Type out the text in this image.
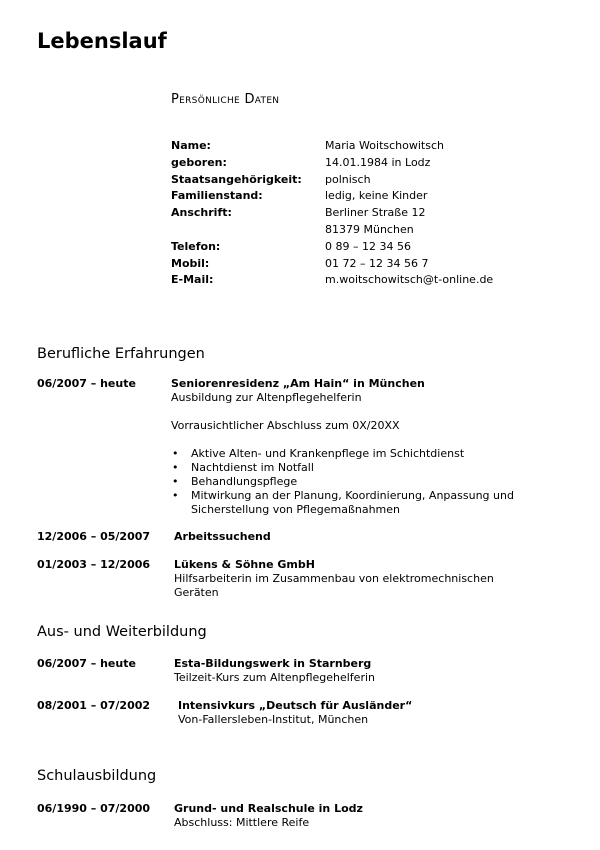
Lebenslauf
Persönliche Daten
Name:	Maria Woitschowitsch
geboren:	14.01.1984 in Lodz
Staatsangehörigkeit:	polnisch
Familienstand:	ledig, keine Kinder
Anschrift:	Berliner Straße 12
81379 München
Telefon:	0 89 – 12 34 56
Mobil:	01 72 – 12 34 56 7
E-Mail:	m.woitschowitsch@t-online.de
Berufliche Erfahrungen
06/2007 – heute	Seniorenresidenz „Am Hain“ in München
Ausbildung zur Altenpflegehelferin
Vorrausichtlicher Abschluss zum 0X/20XX
• Aktive Alten- und Krankenpflege im Schichtdienst
• Nachtdienst im Notfall
• Behandlungspflege
• Mitwirkung an der Planung, Koordinierung, Anpassung und Sicherstellung von Pflegemaßnahmen
12/2006 – 05/2007 Arbeitssuchend
01/2003 – 12/2006 Lükens & Söhne GmbH
Hilfsarbeiterin im Zusammenbau von elektromechnischen Geräten
Aus- und Weiterbildung
06/2007 – heute	Esta-Bildungswerk in Starnberg
Teilzeit-Kurs zum Altenpflegehelferin
08/2001 – 07/2002	Intensivkurs „Deutsch für Ausländer“
Von-Fallersleben-Institut, München
Schulausbildung
06/1990 – 07/2000 Grund- und Realschule in Lodz
Abschluss: Mittlere Reife
